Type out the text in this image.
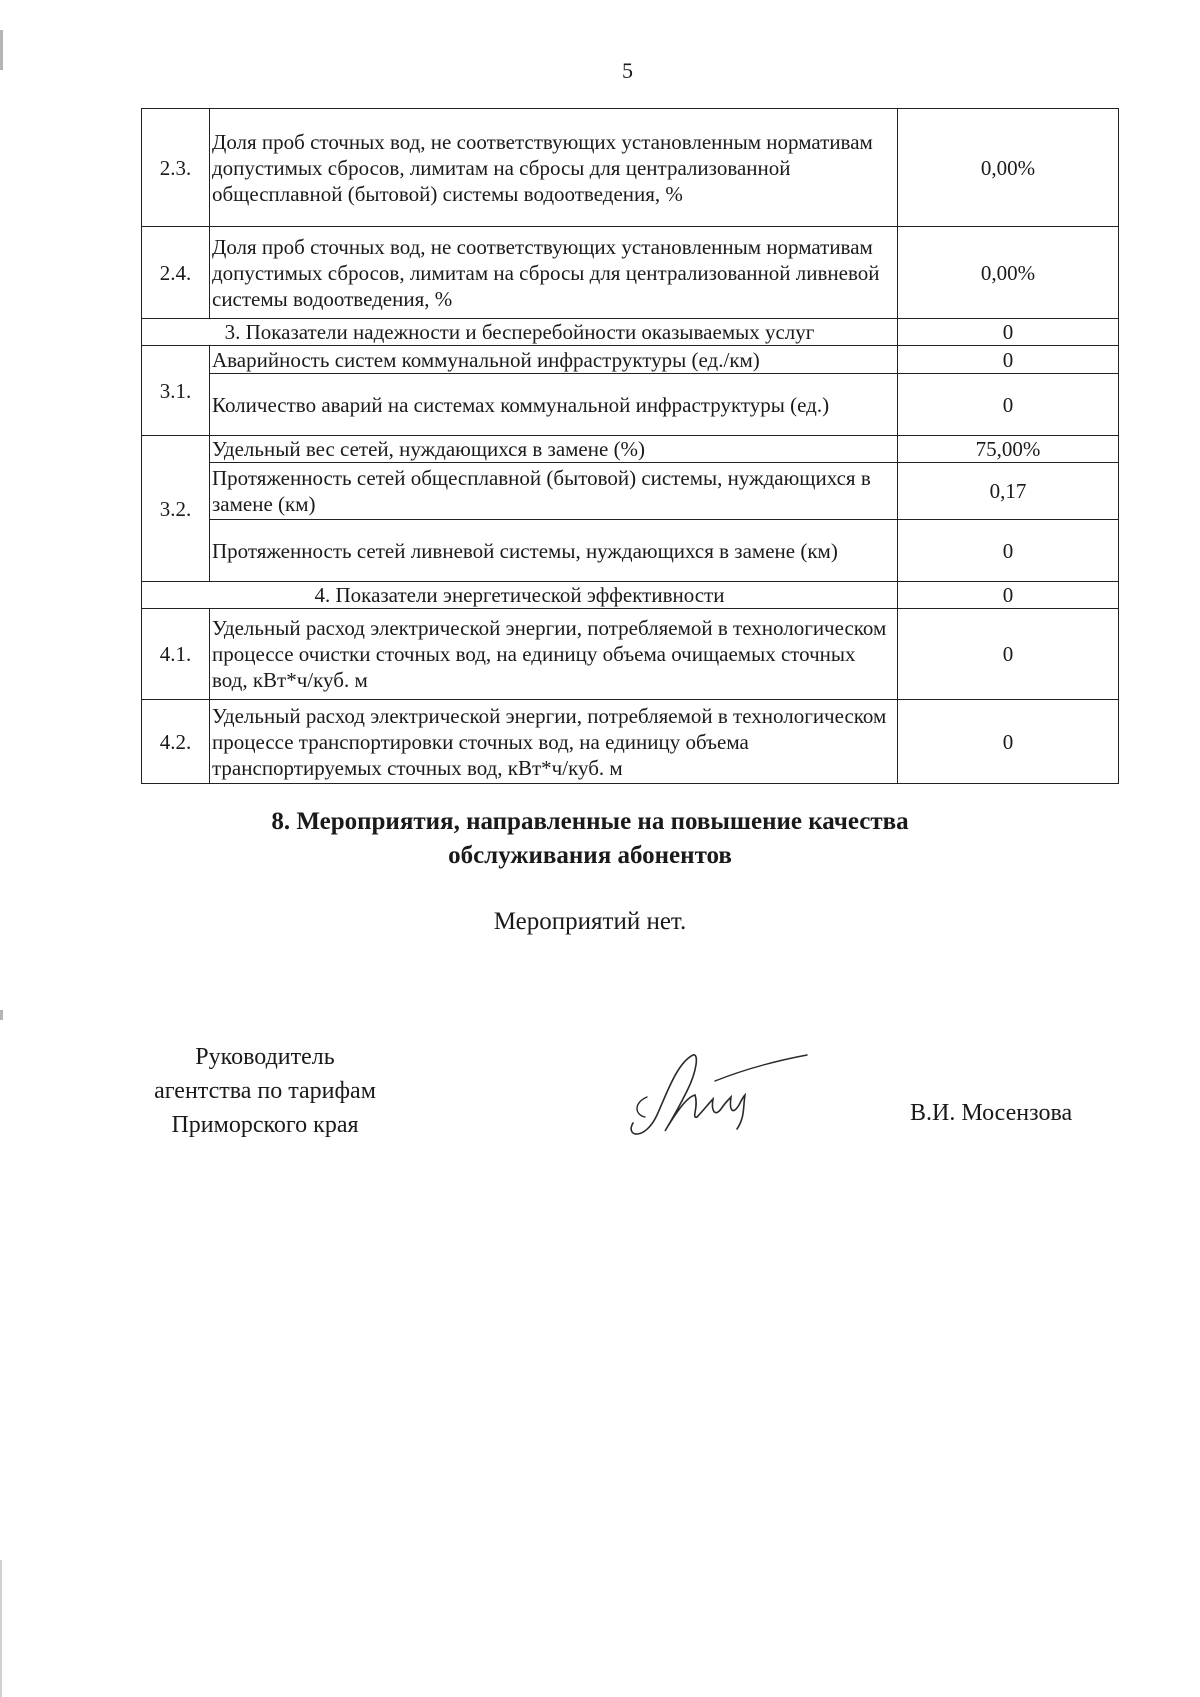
5
2.3.	Доля проб сточных вод, не соответствующих установленным нормативам допустимых сбросов, лимитам на сбросы для централизованной общесплавной (бытовой) системы водоотведения, %	0,00%
2.4.	Доля проб сточных вод, не соответствующих установленным нормативам допустимых сбросов, лимитам на сбросы для централизованной ливневой системы водоотведения, %	0,00%
3. Показатели надежности и бесперебойности оказываемых услуг		0
3.1.	Аварийность систем коммунальной инфраструктуры (ед./км)	0
	Количество аварий на системах коммунальной инфраструктуры (ед.)	0
3.2.	Удельный вес сетей, нуждающихся в замене (%)	75,00%
	Протяженность сетей общесплавной (бытовой) системы, нуждающихся в замене (км)	0,17
	Протяженность сетей ливневой системы, нуждающихся в замене (км)	0
4. Показатели энергетической эффективности		0
4.1.	Удельный расход электрической энергии, потребляемой в технологическом процессе очистки сточных вод, на единицу объема очищаемых сточных вод, кВт*ч/куб. м	0
4.2.	Удельный расход электрической энергии, потребляемой в технологическом процессе транспортировки сточных вод, на единицу объема транспортируемых сточных вод, кВт*ч/куб. м	0
8. Мероприятия, направленные на повышение качества
обслуживания абонентов
Мероприятий нет.
Руководитель
агентства по тарифам
Приморского края	В.И. Мосензова
